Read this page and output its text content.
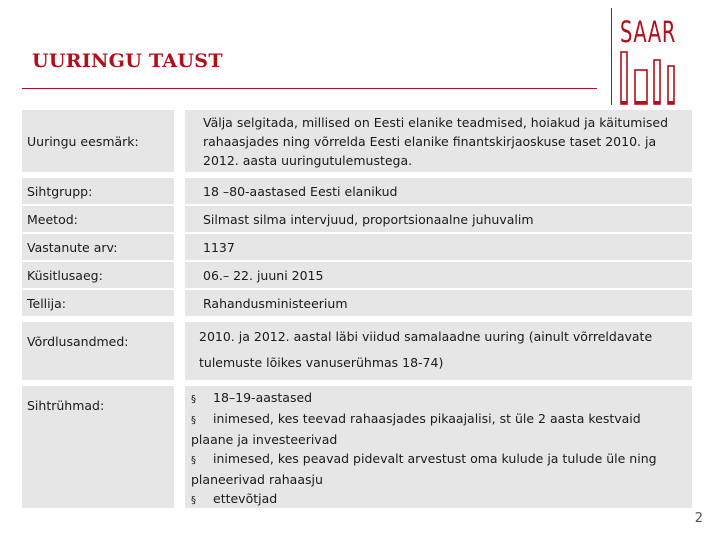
UURINGU TAUST
SAAR
Uuringu eesmärk:
Välja selgitada, millised on Eesti elanike teadmised, hoiakud ja käitumised rahaasjades ning võrrelda Eesti elanike finantskirjaoskuse taset 2010. ja 2012. aasta uuringutulemustega.
Sihtgrupp:	18 –80-aastased Eesti elanikud
Meetod:	Silmast silma intervjuud, proportsionaalne juhuvalim
Vastanute arv:	1137
Küsitlusaeg:	06.– 22. juuni 2015
Tellija:	Rahandusministeerium
Võrdlusandmed:	2010. ja 2012. aastal läbi viidud samalaadne uuring (ainult võrreldavate
tulemuste lõikes vanuserühmas 18-74)
Sihtrühmad:	§ 18–19-aastased
§ inimesed, kes teevad rahaasjades pikaajalisi, st üle 2 aasta kestvaid plaane ja investeerivad
§ inimesed, kes peavad pidevalt arvestust oma kulude ja tulude üle ning planeerivad rahaasju
§ ettevõtjad
2
